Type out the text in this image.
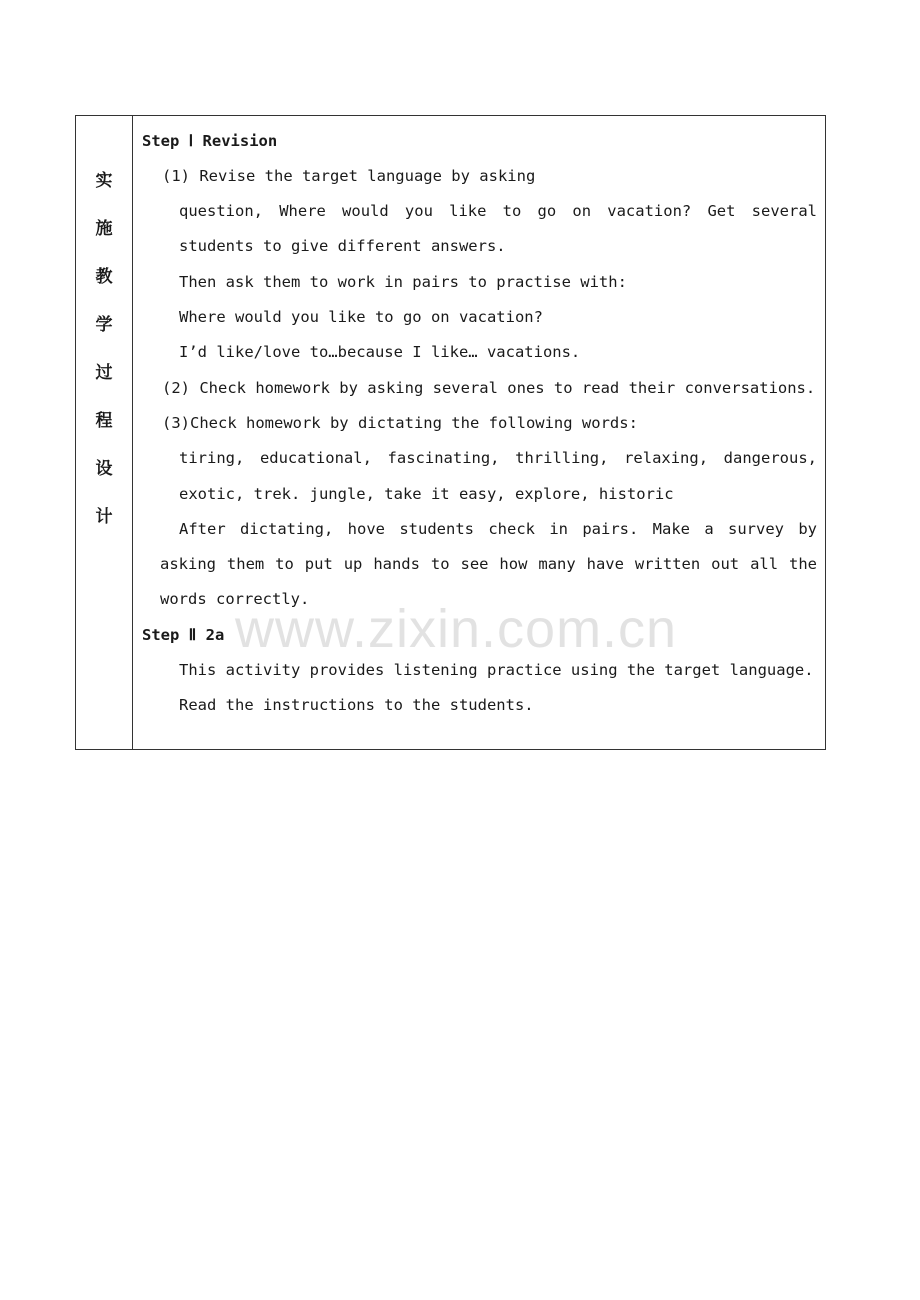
实
施
教
学
过
程
设
计
Step Ⅰ Revision
(1) Revise the target language by asking
question, Where would you like to go on vacation? Get several
students to give different answers.
Then ask them to work in pairs to practise with:
Where would you like to go on vacation?
I’d like/love to…because I like… vacations.
(2) Check homework by asking several ones to read their conversations.
(3)Check homework by dictating the following words:
tiring, educational, fascinating, thrilling, relaxing, dangerous,
exotic, trek. jungle, take it easy, explore, historic
After dictating, hove students check in pairs. Make a survey by
asking them to put up hands to see how many have written out all the
words correctly.
Step Ⅱ 2a
This activity provides listening practice using the target language.
Read the instructions to the students.
www.zixin.com.cn
